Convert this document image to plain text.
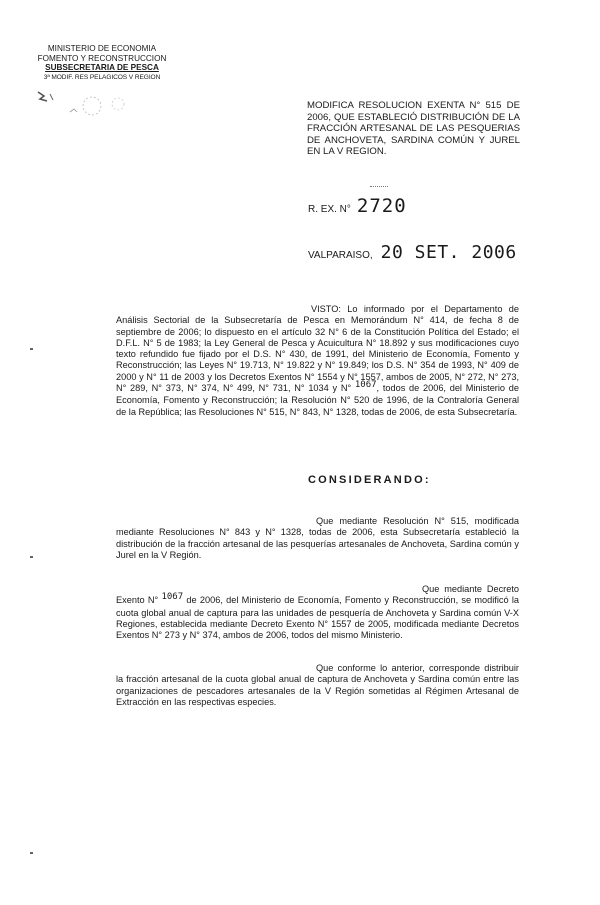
MINISTERIO DE ECONOMIA
FOMENTO Y RECONSTRUCCION
SUBSECRETARIA DE PESCA
3ª MODIF. RES PELAGICOS V REGION
MODIFICA RESOLUCION EXENTA N° 515 DE 2006, QUE ESTABLECIÓ DISTRIBUCIÓN DE LA FRACCIÓN ARTESANAL DE LAS PESQUERIAS DE ANCHOVETA, SARDINA COMÚN Y JUREL EN LA V REGION.
R. EX. N° 2720
VALPARAISO, 20 SET. 2006
VISTO: Lo informado por el Departamento de Análisis Sectorial de la Subsecretaría de Pesca en Memorándum N° 414, de fecha 8 de septiembre de 2006; lo dispuesto en el artículo 32 N° 6 de la Constitución Política del Estado; el D.F.L. N° 5 de 1983; la Ley General de Pesca y Acuicultura N° 18.892 y sus modificaciones cuyo texto refundido fue fijado por el D.S. N° 430, de 1991, del Ministerio de Economía, Fomento y Reconstrucción; las Leyes N° 19.713, N° 19.822 y N° 19.849; los D.S. N° 354 de 1993, N° 409 de 2000 y N° 11 de 2003 y los Decretos Exentos N° 1554 y N° 1557, ambos de 2005, N° 272, N° 273, N° 289, N° 373, N° 374, N° 499, N° 731, N° 1034 y N° 1067, todos de 2006, del Ministerio de Economía, Fomento y Reconstrucción; la Resolución N° 520 de 1996, de la Contraloría General de la República; las Resoluciones N° 515, N° 843, N° 1328, todas de 2006, de esta Subsecretaría.
CONSIDERANDO:
Que mediante Resolución N° 515, modificada mediante Resoluciones N° 843 y N° 1328, todas de 2006, esta Subsecretaría estableció la distribución de la fracción artesanal de las pesquerías artesanales de Anchoveta, Sardina común y Jurel en la V Región.
Que mediante Decreto Exento N° 1067 de 2006, del Ministerio de Economía, Fomento y Reconstrucción, se modificó la cuota global anual de captura para las unidades de pesquería de Anchoveta y Sardina común V-X Regiones, establecida mediante Decreto Exento N° 1557 de 2005, modificada mediante Decretos Exentos N° 273 y N° 374, ambos de 2006, todos del mismo Ministerio.
Que conforme lo anterior, corresponde distribuir la fracción artesanal de la cuota global anual de captura de Anchoveta y Sardina común entre las organizaciones de pescadores artesanales de la V Región sometidas al Régimen Artesanal de Extracción en las respectivas especies.
